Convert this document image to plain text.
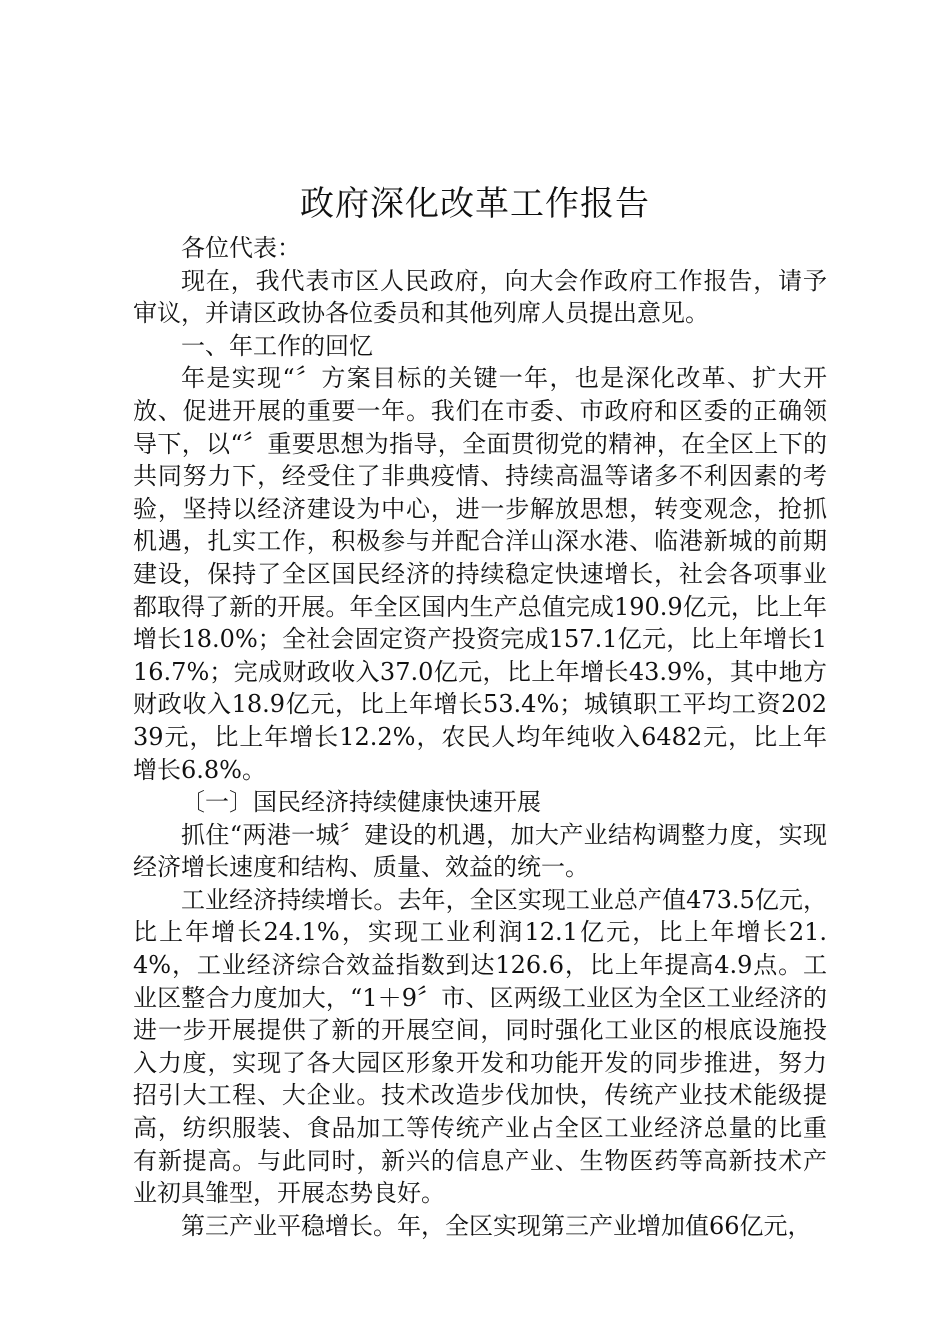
政府深化改革工作报告

各位代表：

现在，我代表市区人民政府，向大会作政府工作报告，请予审议，并请区政协各位委员和其他列席人员提出意见。

一、年工作的回忆

年是实现“〞方案目标的关键一年，也是深化改革、扩大开放、促进开展的重要一年。我们在市委、市政府和区委的正确领导下，以“〞重要思想为指导，全面贯彻党的精神，在全区上下的共同努力下，经受住了非典疫情、持续高温等诸多不利因素的考验，坚持以经济建设为中心，进一步解放思想，转变观念，抢抓机遇，扎实工作，积极参与并配合洋山深水港、临港新城的前期建设，保持了全区国民经济的持续稳定快速增长，社会各项事业都取得了新的开展。年全区国内生产总值完成190.9亿元，比上年增长18.0%；全社会固定资产投资完成157.1亿元，比上年增长116.7%；完成财政收入37.0亿元，比上年增长43.9%，其中地方财政收入18.9亿元，比上年增长53.4%；城镇职工平均工资20239元，比上年增长12.2%，农民人均年纯收入6482元，比上年增长6.8%。

〔一〕国民经济持续健康快速开展

抓住“两港一城〞建设的机遇，加大产业结构调整力度，实现经济增长速度和结构、质量、效益的统一。

工业经济持续增长。去年，全区实现工业总产值473.5亿元，比上年增长24.1%，实现工业利润12.1亿元，比上年增长21.4%，工业经济综合效益指数到达126.6，比上年提高4.9点。工业区整合力度加大，“1＋9〞市、区两级工业区为全区工业经济的进一步开展提供了新的开展空间，同时强化工业区的根底设施投入力度，实现了各大园区形象开发和功能开发的同步推进，努力招引大工程、大企业。技术改造步伐加快，传统产业技术能级提高，纺织服装、食品加工等传统产业占全区工业经济总量的比重有新提高。与此同时，新兴的信息产业、生物医药等高新技术产业初具雏型，开展态势良好。

第三产业平稳增长。年，全区实现第三产业增加值66亿元，
